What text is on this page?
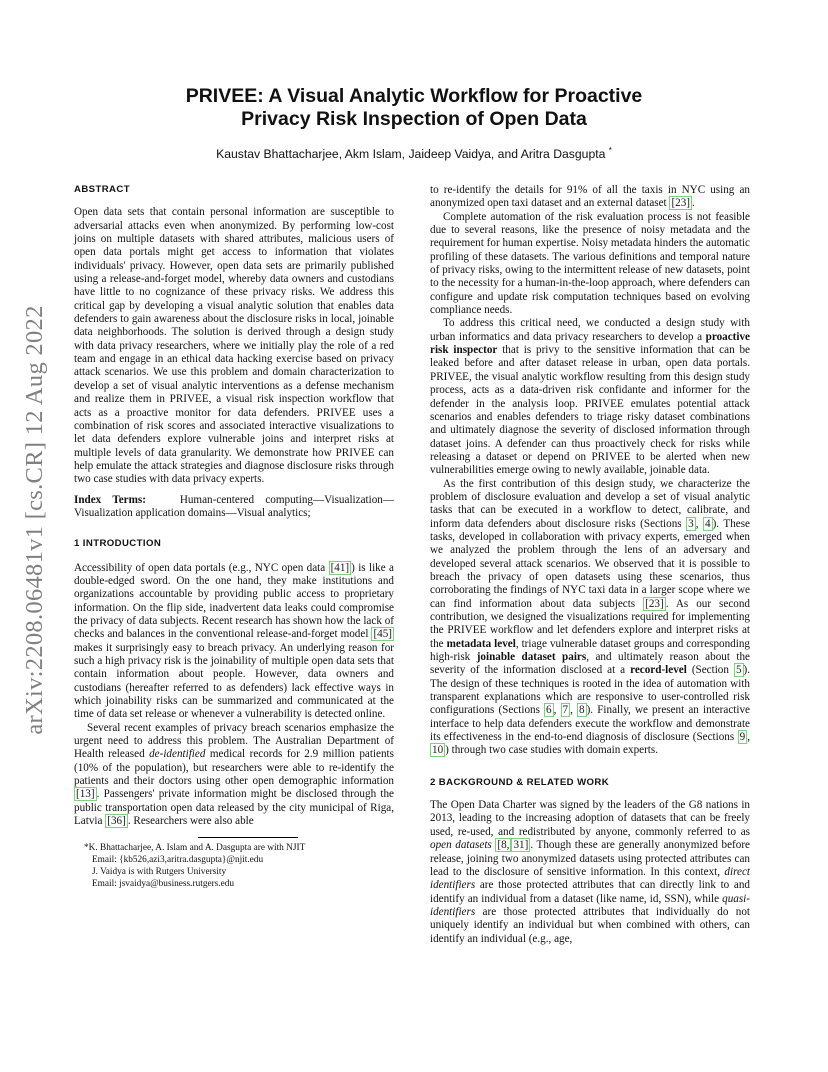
arXiv:2208.06481v1 [cs.CR] 12 Aug 2022
PRIVEE: A Visual Analytic Workflow for Proactive
Privacy Risk Inspection of Open Data
Kaustav Bhattacharjee, Akm Islam, Jaideep Vaidya, and Aritra Dasgupta *

ABSTRACT

Open data sets that contain personal information are susceptible to adversarial attacks even when anonymized. By performing low-cost joins on multiple datasets with shared attributes, malicious users of open data portals might get access to information that violates individuals' privacy. However, open data sets are primarily published using a release-and-forget model, whereby data owners and custodians have little to no cognizance of these privacy risks. We address this critical gap by developing a visual analytic solution that enables data defenders to gain awareness about the disclosure risks in local, joinable data neighborhoods. The solution is derived through a design study with data privacy researchers, where we initially play the role of a red team and engage in an ethical data hacking exercise based on privacy attack scenarios. We use this problem and domain characterization to develop a set of visual analytic interventions as a defense mechanism and realize them in PRIVEE, a visual risk inspection workflow that acts as a proactive monitor for data defenders. PRIVEE uses a combination of risk scores and associated interactive visualizations to let data defenders explore vulnerable joins and interpret risks at multiple levels of data granularity. We demonstrate how PRIVEE can help emulate the attack strategies and diagnose disclosure risks through two case studies with data privacy experts.

Index Terms:	Human-centered computing—Visualization—Visualization application domains—Visual analytics;

1 INTRODUCTION

Accessibility of open data portals (e.g., NYC open data [41] ) is like a double-edged sword. On the one hand, they make institutions and organizations accountable by providing public access to proprietary information. On the flip side, inadvertent data leaks could compromise the privacy of data subjects. Recent research has shown how the lack of checks and balances in the conventional release-and-forget model [45] makes it surprisingly easy to breach privacy. An underlying reason for such a high privacy risk is the joinability of multiple open data sets that contain information about people. However, data owners and custodians (hereafter referred to as defenders) lack effective ways in which joinability risks can be summarized and communicated at the time of data set release or whenever a vulnerability is detected online.

Several recent examples of privacy breach scenarios emphasize the urgent need to address this problem. The Australian Department of Health released de-identified medical records for 2.9 million patients (10% of the population), but researchers were able to re-identify the patients and their doctors using other open demographic information [13] . Passengers' private information might be disclosed through the public transportation open data released by the city municipal of Riga, Latvia [36] . Researchers were also able

*K. Bhattacharjee, A. Islam and A. Dasgupta are with NJIT

Email: {kb526,azi3,aritra.dasgupta}@njit.edu

J. Vaidya is with Rutgers University

Email: jsvaidya@business.rutgers.edu

to re-identify the details for 91% of all the taxis in NYC using an anonymized open taxi dataset and an external dataset [23] .

Complete automation of the risk evaluation process is not feasible due to several reasons, like the presence of noisy metadata and the requirement for human expertise. Noisy metadata hinders the automatic profiling of these datasets. The various definitions and temporal nature of privacy risks, owing to the intermittent release of new datasets, point to the necessity for a human-in-the-loop approach, where defenders can configure and update risk computation techniques based on evolving compliance needs.

To address this critical need, we conducted a design study with urban informatics and data privacy researchers to develop a proactive risk inspector that is privy to the sensitive information that can be leaked before and after dataset release in urban, open data portals. PRIVEE, the visual analytic workflow resulting from this design study process, acts as a data-driven risk confidante and informer for the defender in the analysis loop. PRIVEE emulates potential attack scenarios and enables defenders to triage risky dataset combinations and ultimately diagnose the severity of disclosed information through dataset joins. A defender can thus proactively check for risks while releasing a dataset or depend on PRIVEE to be alerted when new vulnerabilities emerge owing to newly available, joinable data.

As the first contribution of this design study, we characterize the problem of disclosure evaluation and develop a set of visual analytic tasks that can be executed in a workflow to detect, calibrate, and inform data defenders about disclosure risks (Sections 3 , 4 ). These tasks, developed in collaboration with privacy experts, emerged when we analyzed the problem through the lens of an adversary and developed several attack scenarios. We observed that it is possible to breach the privacy of open datasets using these scenarios, thus corroborating the findings of NYC taxi data in a larger scope where we can find information about data subjects [23] . As our second contribution, we designed the visualizations required for implementing the PRIVEE workflow and let defenders explore and interpret risks at the metadata level, triage vulnerable dataset groups and corresponding high-risk joinable dataset pairs, and ultimately reason about the severity of the information disclosed at a record-level (Section 5 ). The design of these techniques is rooted in the idea of automation with transparent explanations which are responsive to user-controlled risk configurations (Sections 6 , 7 , 8 ). Finally, we present an interactive interface to help data defenders execute the workflow and demonstrate its effectiveness in the end-to-end diagnosis of disclosure (Sections 9 , 10 ) through two case studies with domain experts.

2 BACKGROUND & RELATED WORK

The Open Data Charter was signed by the leaders of the G8 nations in 2013, leading to the increasing adoption of datasets that can be freely used, re-used, and redistributed by anyone, commonly referred to as open datasets [8, 31] . Though these are generally anonymized before release, joining two anonymized datasets using protected attributes can lead to the disclosure of sensitive information. In this context, direct identifiers are those protected attributes that can directly link to and identify an individual from a dataset (like name, id, SSN), while quasi-identifiers are those protected attributes that individually do not uniquely identify an individual but when combined with others, can identify an individual (e.g., age,
